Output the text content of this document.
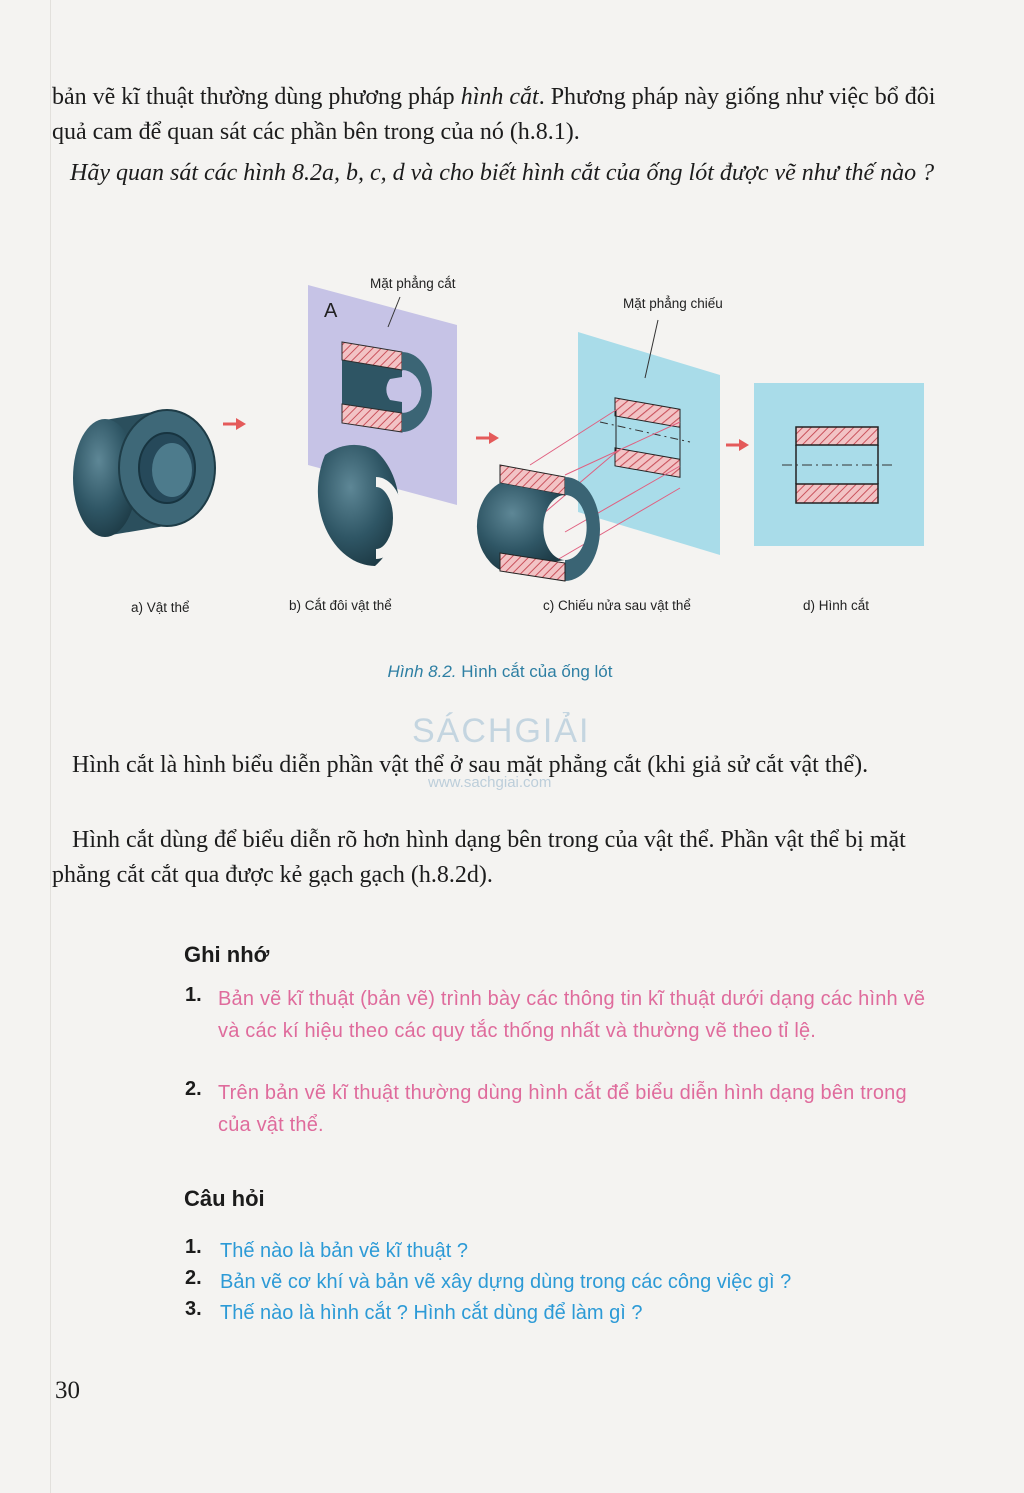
bản vẽ kĩ thuật thường dùng phương pháp hình cắt. Phương pháp này giống như việc bổ đôi quả cam để quan sát các phần bên trong của nó (h.8.1).

Hãy quan sát các hình 8.2a, b, c, d và cho biết hình cắt của ống lót được vẽ như thế nào ?

Mặt phẳng cắt
A	Mặt phẳng chiếu
a) Vật thể	b) Cắt đôi vật thể	c) Chiếu nửa sau vật thể	d) Hình cắt
Hình 8.2. Hình cắt của ống lót
SÁCHGIẢI
www.sachgiai.com

Hình cắt là hình biểu diễn phần vật thể ở sau mặt phẳng cắt (khi giả sử cắt vật thể).

Hình cắt dùng để biểu diễn rõ hơn hình dạng bên trong của vật thể. Phần vật thể bị mặt phẳng cắt cắt qua được kẻ gạch gạch (h.8.2d).

Ghi nhớ
1. Bản vẽ kĩ thuật (bản vẽ) trình bày các thông tin kĩ thuật dưới dạng các hình vẽ và các kí hiệu theo các quy tắc thống nhất và thường vẽ theo tỉ lệ.
2. Trên bản vẽ kĩ thuật thường dùng hình cắt để biểu diễn hình dạng bên trong của vật thể.
Câu hỏi
1. Thế nào là bản vẽ kĩ thuật ?
2. Bản vẽ cơ khí và bản vẽ xây dựng dùng trong các công việc gì ?
3. Thế nào là hình cắt ? Hình cắt dùng để làm gì ?
30
